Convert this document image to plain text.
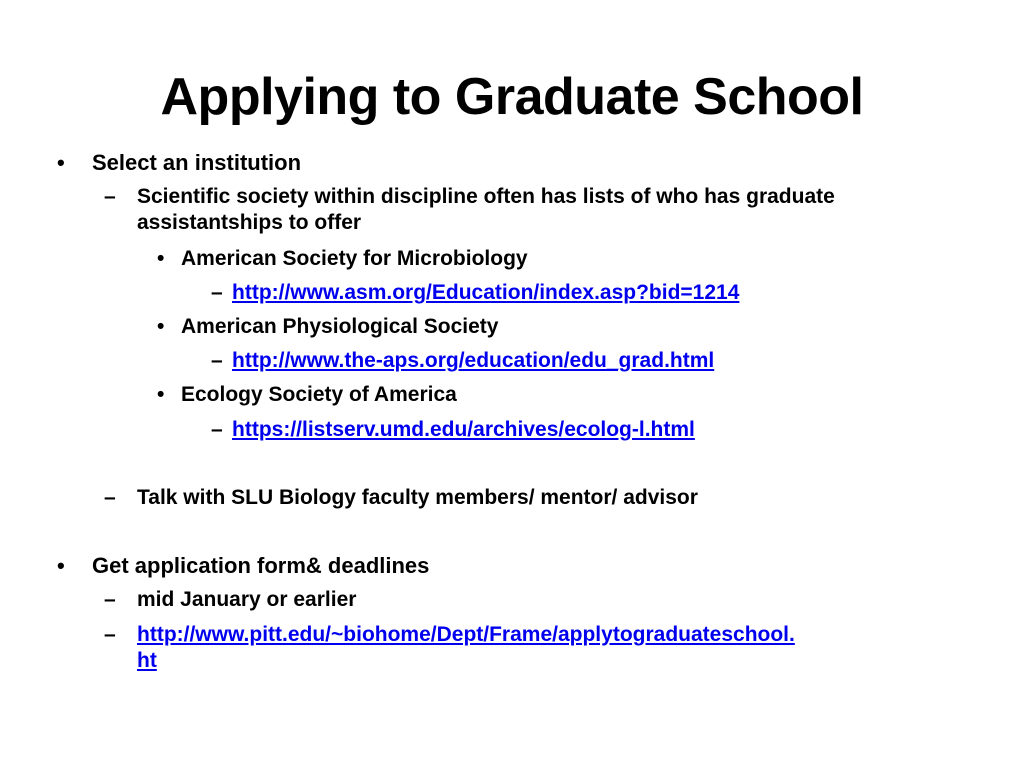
Applying to Graduate School
• Select an institution
– Scientific society within discipline often has lists of who has graduate
assistantships to offer
• American Society for Microbiology
– http://www.asm.org/Education/index.asp?bid=1214
• American Physiological Society
– http://www.the-aps.org/education/edu_grad.html
• Ecology Society of America
– https://listserv.umd.edu/archives/ecolog-l.html
– Talk with SLU Biology faculty members/ mentor/ advisor
• Get application form& deadlines
– mid January or earlier
– http://www.pitt.edu/~biohome/Dept/Frame/applytograduateschool.
ht
